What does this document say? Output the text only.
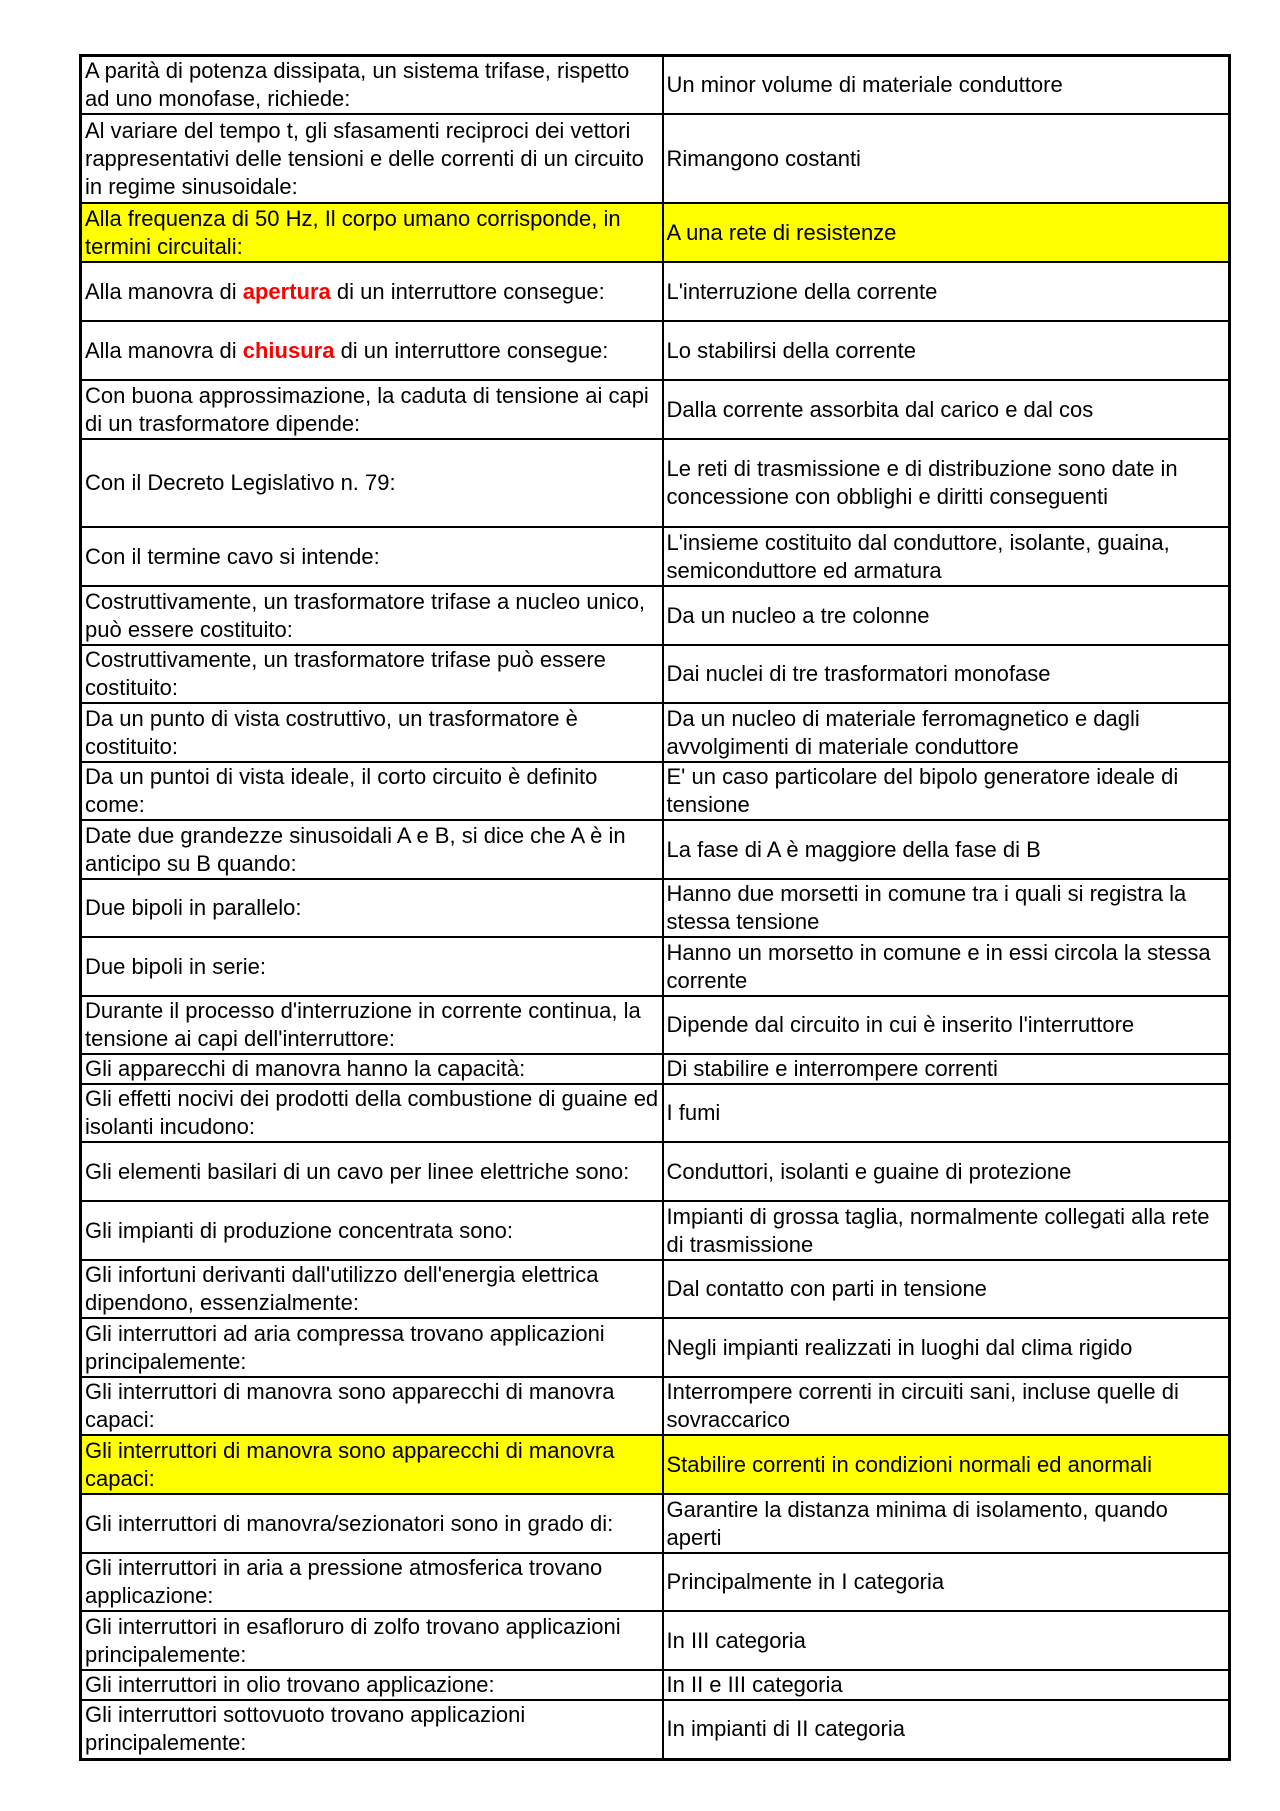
A parità di potenza dissipata, un sistema trifase, rispetto ad uno monofase, richiede:	Un minor volume di materiale conduttore
Al variare del tempo t, gli sfasamenti reciproci dei vettori rappresentativi delle tensioni e delle correnti di un circuito in regime sinusoidale:	Rimangono costanti
Alla frequenza di 50 Hz, Il corpo umano corrisponde, in termini circuitali:	A una rete di resistenze
Alla manovra di apertura di un interruttore consegue:	L'interruzione della corrente
Alla manovra di chiusura di un interruttore consegue:	Lo stabilirsi della corrente
Con buona approssimazione, la caduta di tensione ai capi di un trasformatore dipende:	Dalla corrente assorbita dal carico e dal cos
Con il Decreto Legislativo n. 79:	Le reti di trasmissione e di distribuzione sono date in concessione con obblighi e diritti conseguenti
Con il termine cavo si intende:	L'insieme costituito dal conduttore, isolante, guaina, semiconduttore ed armatura
Costruttivamente, un trasformatore trifase a nucleo unico, può essere costituito:	Da un nucleo a tre colonne
Costruttivamente, un trasformatore trifase può essere costituito:	Dai nuclei di tre trasformatori monofase
Da un punto di vista costruttivo, un trasformatore è costituito:	Da un nucleo di materiale ferromagnetico e dagli avvolgimenti di materiale conduttore
Da un puntoi di vista ideale, il corto circuito è definito come:	E' un caso particolare del bipolo generatore ideale di tensione
Date due grandezze sinusoidali A e B, si dice che A è in anticipo su B quando:	La fase di A è maggiore della fase di B
Due bipoli in parallelo:	Hanno due morsetti in comune tra i quali si registra la stessa tensione
Due bipoli in serie:	Hanno un morsetto in comune e in essi circola la stessa corrente
Durante il processo d'interruzione in corrente continua, la tensione ai capi dell'interruttore:	Dipende dal circuito in cui è inserito l'interruttore
Gli apparecchi di manovra hanno la capacità:	Di stabilire e interrompere correnti
Gli effetti nocivi dei prodotti della combustione di guaine ed isolanti incudono:	I fumi
Gli elementi basilari di un cavo per linee elettriche sono:	Conduttori, isolanti e guaine di protezione
Gli impianti di produzione concentrata sono:	Impianti di grossa taglia, normalmente collegati alla rete di trasmissione
Gli infortuni derivanti dall'utilizzo dell'energia elettrica dipendono, essenzialmente:	Dal contatto con parti in tensione
Gli interruttori ad aria compressa trovano applicazioni principalemente:	Negli impianti realizzati in luoghi dal clima rigido
Gli interruttori di manovra sono apparecchi di manovra capaci:	Interrompere correnti in circuiti sani, incluse quelle di sovraccarico
Gli interruttori di manovra sono apparecchi di manovra capaci:	Stabilire correnti in condizioni normali ed anormali
Gli interruttori di manovra/sezionatori sono in grado di:	Garantire la distanza minima di isolamento, quando aperti
Gli interruttori in aria a pressione atmosferica trovano applicazione:	Principalmente in I categoria
Gli interruttori in esafloruro di zolfo trovano applicazioni principalemente:	In III categoria
Gli interruttori in olio trovano applicazione:	In II e III categoria
Gli interruttori sottovuoto trovano applicazioni principalemente:	In impianti di II categoria
